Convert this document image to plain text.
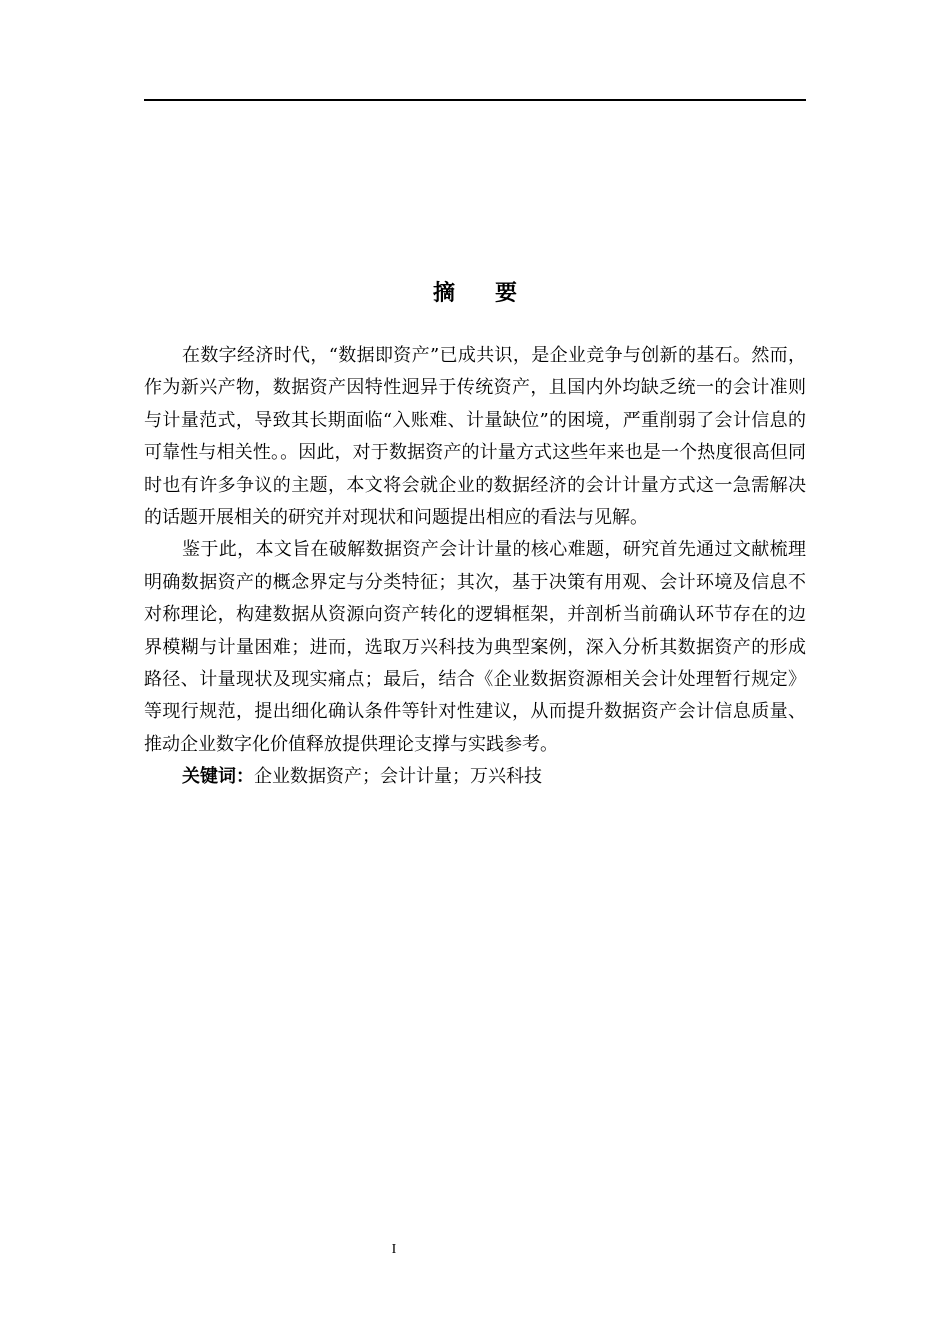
摘要

在数字经济时代，“数据即资产”已成共识，是企业竞争与创新的基石。然而，作为新兴产物，数据资产因特性迥异于传统资产，且国内外均缺乏统一的会计准则与计量范式，导致其长期面临“入账难、计量缺位”的困境，严重削弱了会计信息的可靠性与相关性。。因此，对于数据资产的计量方式这些年来也是一个热度很高但同时也有许多争议的主题，本文将会就企业的数据经济的会计计量方式这一急需解决的话题开展相关的研究并对现状和问题提出相应的看法与见解。

鉴于此，本文旨在破解数据资产会计计量的核心难题，研究首先通过文献梳理明确数据资产的概念界定与分类特征；其次，基于决策有用观、会计环境及信息不对称理论，构建数据从资源向资产转化的逻辑框架，并剖析当前确认环节存在的边界模糊与计量困难；进而，选取万兴科技为典型案例，深入分析其数据资产的形成路径、计量现状及现实痛点；最后，结合《企业数据资源相关会计处理暂行规定》等现行规范，提出细化确认条件等针对性建议，从而提升数据资产会计信息质量、推动企业数字化价值释放提供理论支撑与实践参考。

关键词：企业数据资产；会计计量；万兴科技

I
